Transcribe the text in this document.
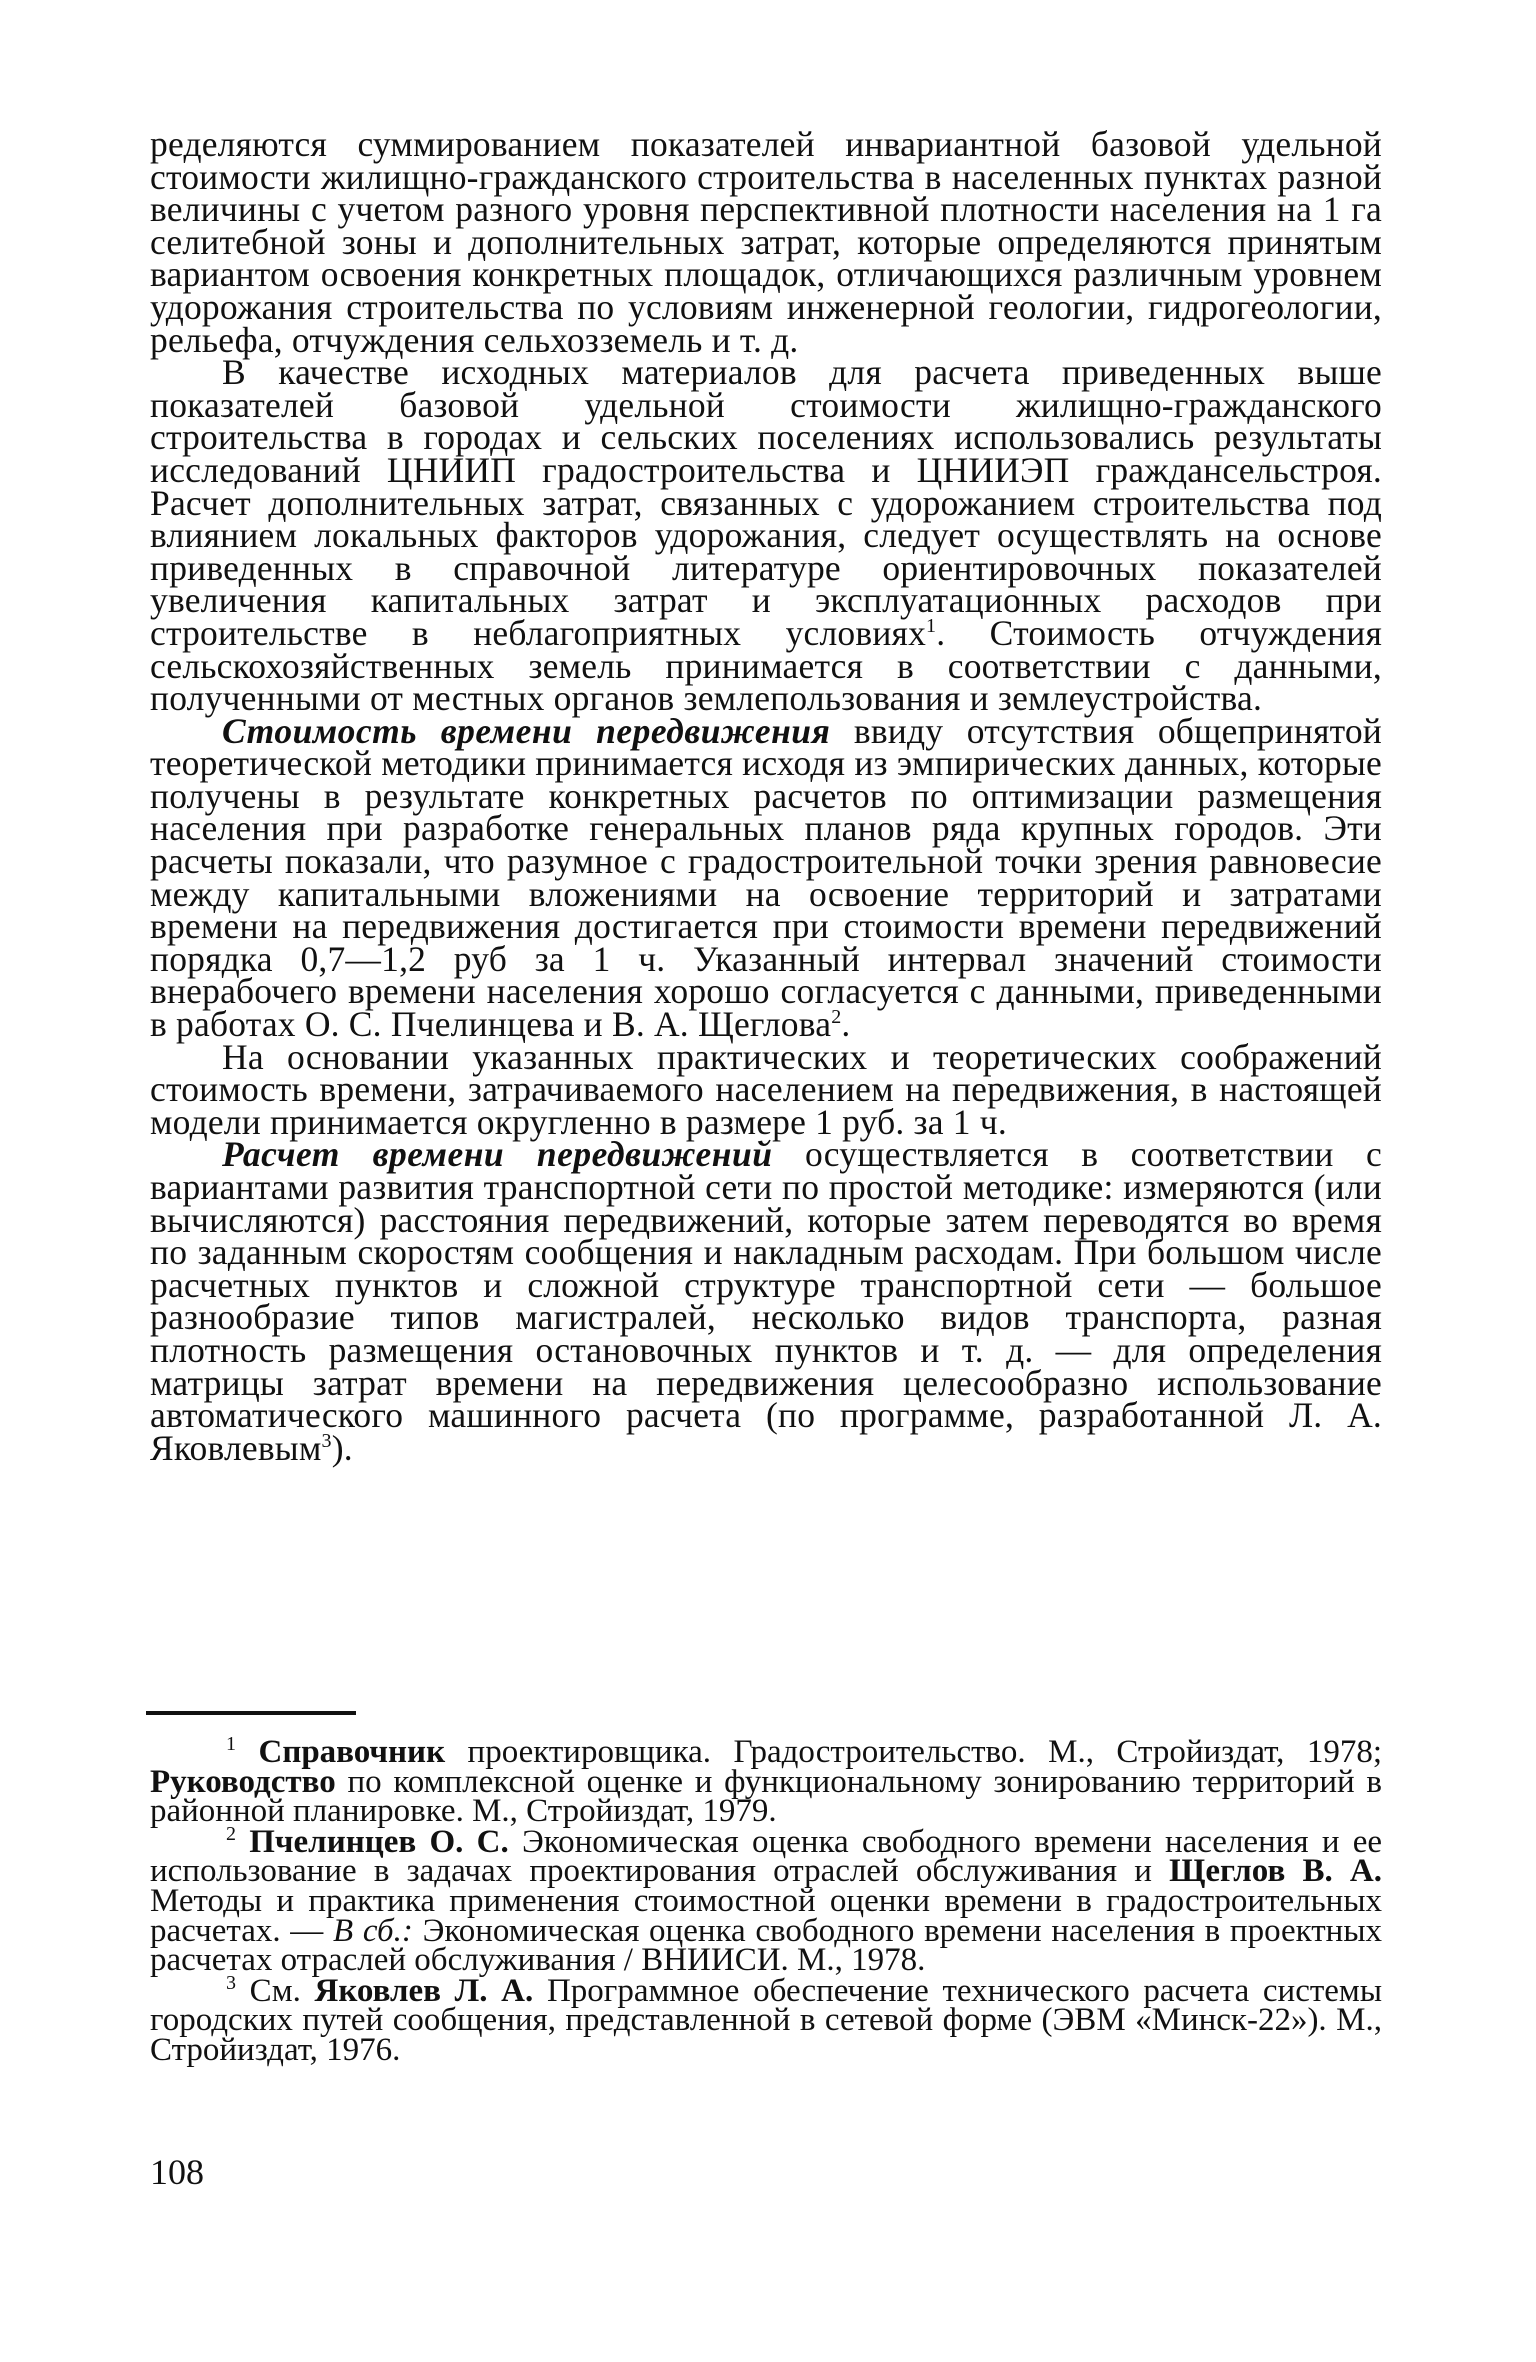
ределяются суммированием показателей инвариантной базовой удельной стоимости жилищно-гражданского строительства в населенных пунктах разной величины с учетом разного уровня перспективной плотности населения на 1 га селитебной зоны и дополнительных затрат, которые определяются принятым вариантом освоения конкретных площадок, отличающихся различным уровнем удорожания строительства по условиям инженерной геологии, гидрогеологии, рельефа, отчуждения сельхозземель и т. д.

В качестве исходных материалов для расчета приведенных выше показателей базовой удельной стоимости жилищно-гражданского строительства в городах и сельских поселениях использовались результаты исследований ЦНИИП градостроительства и ЦНИИЭП граждансельстроя. Расчет дополнительных затрат, связанных с удорожанием строительства под влиянием локальных факторов удорожания, следует осуществлять на основе приведенных в справочной литературе ориентировочных показателей увеличения капитальных затрат и эксплуатационных расходов при строительстве в неблагоприятных условиях$^1$. Стоимость отчуждения сельскохозяйственных земель принимается в соответствии с данными, полученными от местных органов землепользования и землеустройства.

Стоимость времени передвижения ввиду отсутствия общепринятой теоретической методики принимается исходя из эмпирических данных, которые получены в результате конкретных расчетов по оптимизации размещения населения при разработке генеральных планов ряда крупных городов. Эти расчеты показали, что разумное с градостроительной точки зрения равновесие между капитальными вложениями на освоение территорий и затратами времени на передвижения достигается при стоимости времени передвижений порядка 0,7—1,2 руб за 1 ч. Указанный интервал значений стоимости внерабочего времени населения хорошо согласуется с данными, приведенными в работах О. С. Пчелинцева и В. А. Щеглова$^2$.

На основании указанных практических и теоретических соображений стоимость времени, затрачиваемого населением на передвижения, в настоящей модели принимается округленно в размере 1 руб. за 1 ч.

Расчет времени передвижений осуществляется в соответствии с вариантами развития транспортной сети по простой методике: измеряются (или вычисляются) расстояния передвижений, которые затем переводятся во время по заданным скоростям сообщения и накладным расходам. При большом числе расчетных пунктов и сложной структуре транспортной сети — большое разнообразие типов магистралей, несколько видов транспорта, разная плотность размещения остановочных пунктов и т. д. — для определения матрицы затрат времени на передвижения целесообразно использование автоматического машинного расчета (по программе, разработанной Л. А. Яковлевым$^3$).

$^1$ Справочник проектировщика. Градостроительство. М., Стройиздат, 1978; Руководство по комплексной оценке и функциональному зонированию территорий в районной планировке. М., Стройиздат, 1979.

$^2$ Пчелинцев О. С. Экономическая оценка свободного времени населения и ее использование в задачах проектирования отраслей обслуживания и Щеглов В. А. Методы и практика применения стоимостной оценки времени в градостроительных расчетах. — В сб.: Экономическая оценка свободного времени населения в проектных расчетах отраслей обслуживания / ВНИИСИ. М., 1978.

$^3$ См. Яковлев Л. А. Программное обеспечение технического расчета системы городских путей сообщения, представленной в сетевой форме (ЭВМ «Минск-22»). М., Стройиздат, 1976.

108
